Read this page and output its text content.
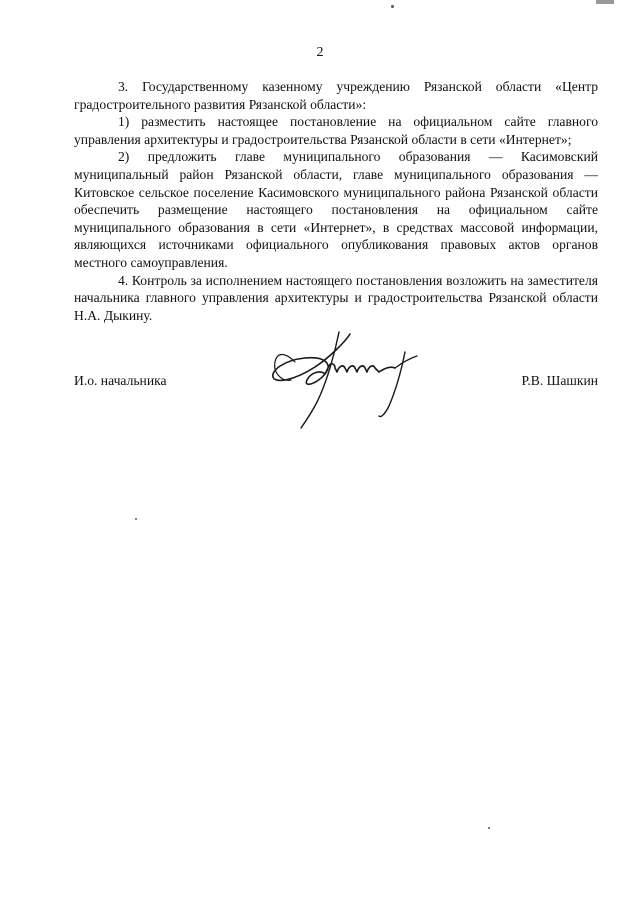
2

3. Государственному казенному учреждению Рязанской области «Центр градостроительного развития Рязанской области»:

1) разместить настоящее постановление на официальном сайте главного управления архитектуры и градостроительства Рязанской области в сети «Интернет»;

2) предложить главе муниципального образования — Касимовский муниципальный район Рязанской области, главе муниципального образования — Китовское сельское поселение Касимовского муниципального района Рязанской области обеспечить размещение настоящего постановления на официальном сайте муниципального образования в сети «Интернет», в средствах массовой информации, являющихся источниками официального опубликования правовых актов органов местного самоуправления.

4. Контроль за исполнением настоящего постановления возложить на заместителя начальника главного управления архитектуры и градостроительства Рязанской области Н.А. Дыкину.

И.о. начальника	Р.В. Шашкин
